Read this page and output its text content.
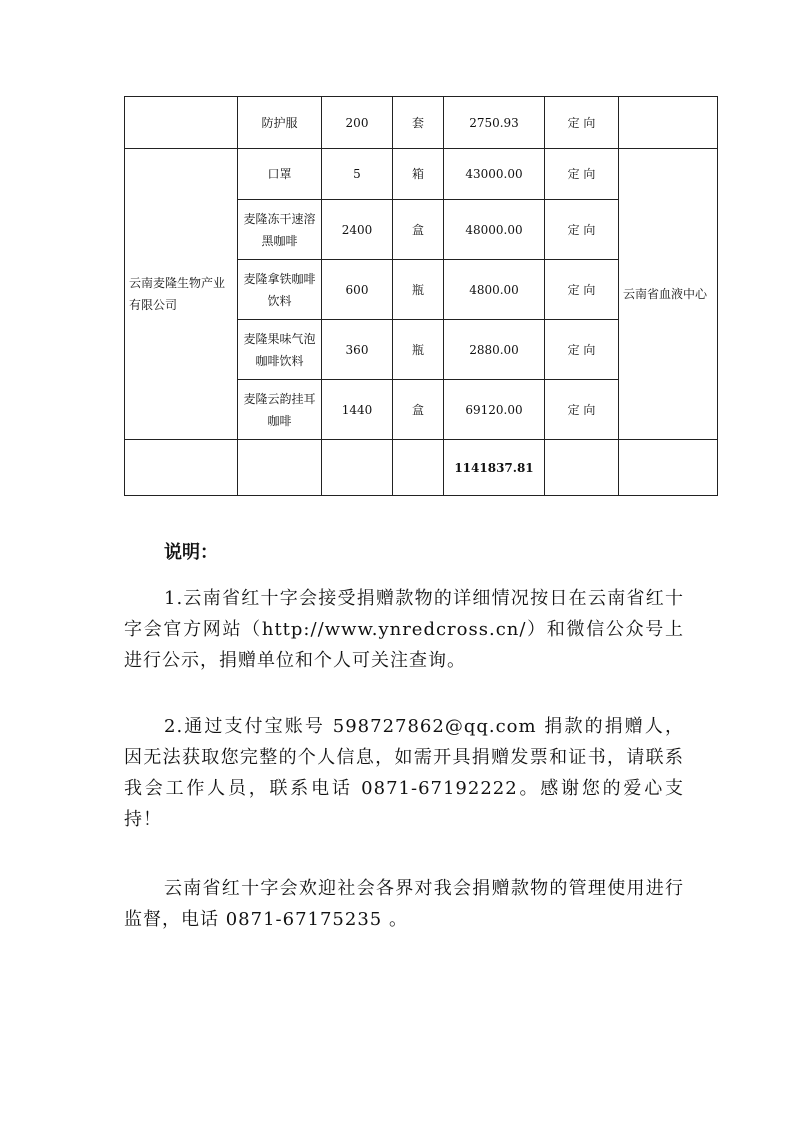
	防护服	200	套	2750.93	定 向	
云南麦隆生物产业有限公司	口罩	5	箱	43000.00	定 向	云南省血液中心
	麦隆冻干速溶黑咖啡	2400	盒	48000.00	定 向	
	麦隆拿铁咖啡饮料	600	瓶	4800.00	定 向	
	麦隆果味气泡咖啡饮料	360	瓶	2880.00	定 向	
	麦隆云韵挂耳咖啡	1440	盒	69120.00	定 向	
				1141837.81		
说明：

1.云南省红十字会接受捐赠款物的详细情况按日在云南省红十字会官方网站（http://www.ynredcross.cn/）和微信公众号上进行公示，捐赠单位和个人可关注查询。

2.通过支付宝账号 598727862@qq.com 捐款的捐赠人，因无法获取您完整的个人信息，如需开具捐赠发票和证书，请联系我会工作人员，联系电话 0871-67192222。感谢您的爱心支持！

云南省红十字会欢迎社会各界对我会捐赠款物的管理使用进行监督，电话 0871-67175235 。
